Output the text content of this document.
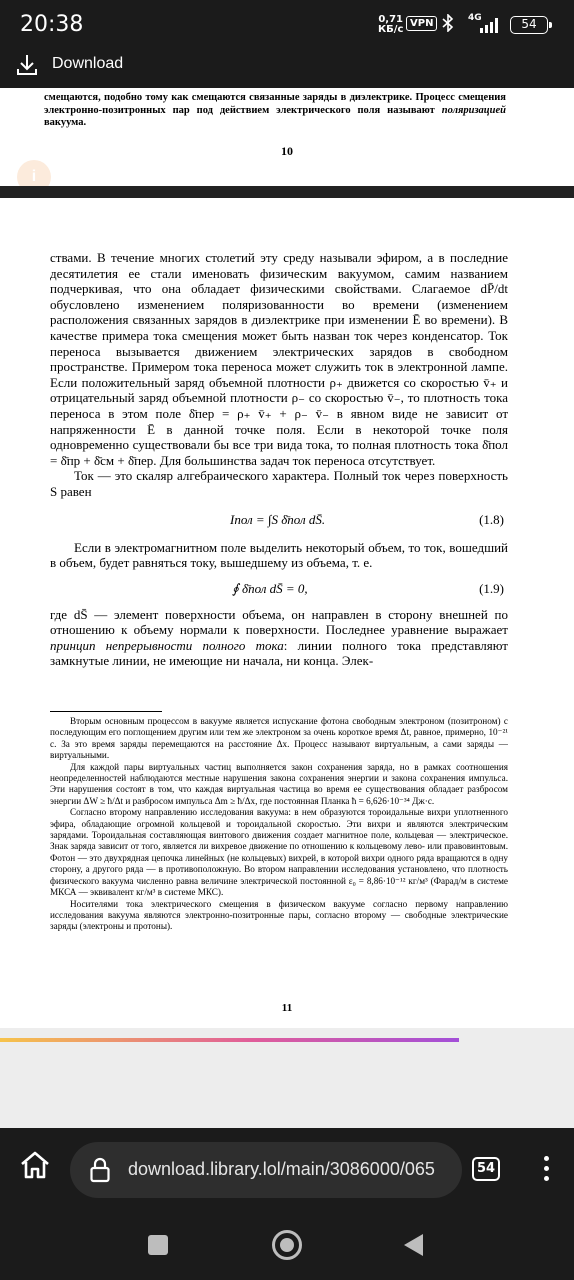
20:38	0,71
КБ/с
VPN	4G	54
Download
смещаются, подобно тому как смещаются связанные заряды в диэлектрике. Процесс смещения электронно-позитронных пар под действием электрического поля называют поляризацией вакуума.
10
i

ствами. В течение многих столетий эту среду называли эфиром, а в последние десятилетия ее стали именовать физическим вакуумом, самим названием подчеркивая, что она обладает физическими свойствами. Слагаемое dP̄/dt обусловлено изменением поляризованности во времени (изменением расположения связанных зарядов в диэлектрике при изменении Ē во времени). В качестве примера тока смещения может быть назван ток через конденсатор. Ток переноса вызывается движением электрических зарядов в свободном пространстве. Примером тока переноса может служить ток в электронной лампе. Если положительный заряд объемной плотности ρ₊ движется со скоростью v̄₊ и отрицательный заряд объемной плотности ρ₋ со скоростью v̄₋, то плотность тока переноса в этом поле δ̄пер = ρ₊ v̄₊ + ρ₋ v̄₋ в явном виде не зависит от напряженности Ē в данной точке поля. Если в некоторой точке поля одновременно существовали бы все три вида тока, то полная плотность тока δ̄пол = δ̄пр + δ̄см + δ̄пер. Для большинства задач ток переноса отсутствует.

Ток — это скаляр алгебраического характера. Полный ток через поверхность S равен

Iпол = ∫S δ̄пол dS̄.	(1.8)

Если в электромагнитном поле выделить некоторый объем, то ток, вошедший в объем, будет равняться току, вышедшему из объема, т. е.

∮ δ̄пол dS̄ = 0,	(1.9)

где dS̄ — элемент поверхности объема, он направлен в сторону внешней по отношению к объему нормали к поверхности. Последнее уравнение выражает принцип непрерывности полного тока: линии полного тока представляют замкнутые линии, не имеющие ни начала, ни конца. Элек-

Вторым основным процессом в вакууме является испускание фотона свободным электроном (позитроном) с последующим его поглощением другим или тем же электроном за очень короткое время Δt, равное, примерно, 10⁻²¹ с. За это время заряды перемещаются на расстояние Δx. Процесс называют виртуальным, а сами заряды — виртуальными.

Для каждой пары виртуальных частиц выполняется закон сохранения заряда, но в рамках соотношения неопределенностей наблюдаются местные нарушения закона сохранения энергии и закона сохранения импульса. Эти нарушения состоят в том, что каждая виртуальная частица во время ее существования обладает разбросом энергии ΔW ≥ ħ/Δt и разбросом импульса Δm ≥ ħ/Δx, где постоянная Планка ħ = 6,626·10⁻³⁴ Дж·с.

Согласно второму направлению исследования вакуума: в нем образуются тороидальные вихри уплотненного эфира, обладающие огромной кольцевой и тороидальной скоростью. Эти вихри и являются электрическим зарядами. Тороидальная составляющая винтового движения создает магнитное поле, кольцевая — электрическое. Знак заряда зависит от того, является ли вихревое движение по отношению к кольцевому лево- или правовинтовым. Фотон — это двухрядная цепочка линейных (не кольцевых) вихрей, в которой вихри одного ряда вращаются в одну сторону, а другого ряда — в противоположную. Во втором направлении исследования установлено, что плотность физического вакуума численно равна величине электрической постоянной ε₀ = 8,86·10⁻¹² кг/м³ (Фарад/м в системе МКСА — эквивалент кг/м³ в системе МКС).

Носителями тока электрического смещения в физическом вакууме согласно первому направлению исследования вакуума являются электронно-позитронные пары, согласно второму — свободные электрические заряды (электроны и протоны).

11
download.library.lol/main/3086000/065	54
